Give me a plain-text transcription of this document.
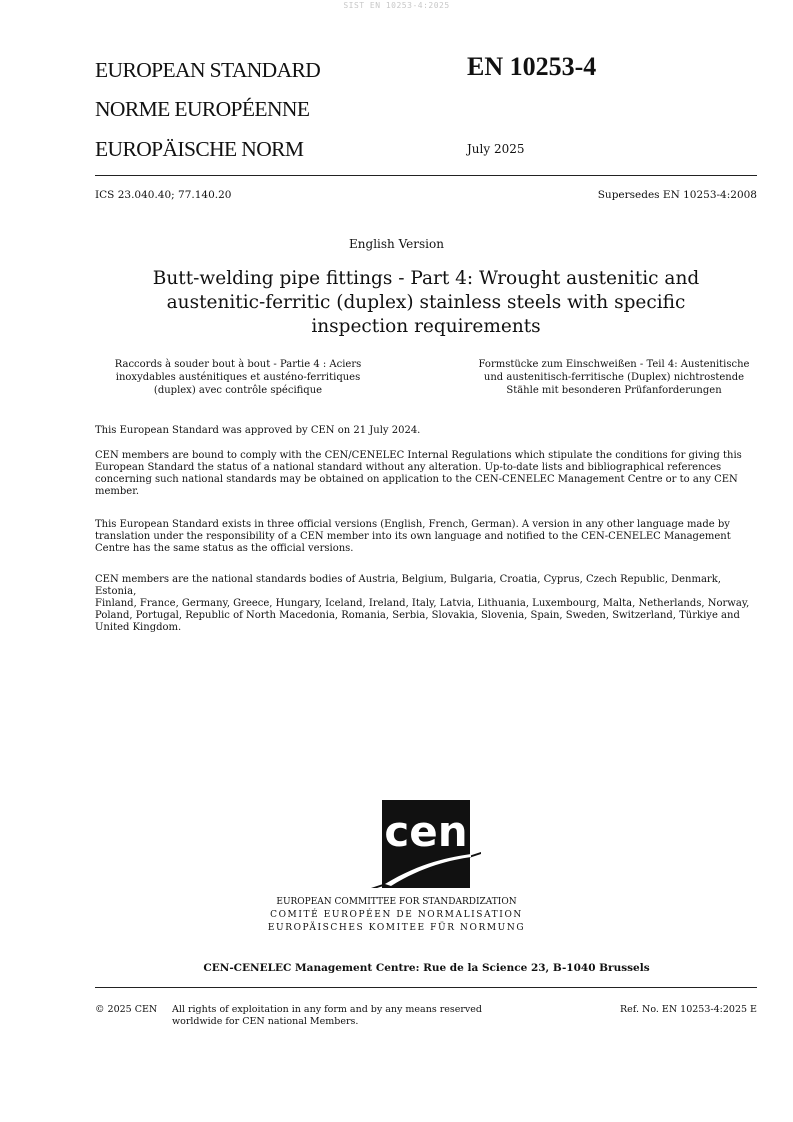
SIST EN 10253-4:2025
EUROPEAN STANDARD
NORME EUROPÉENNE
EUROPÄISCHE NORM
EN 10253-4
July 2025
ICS 23.040.40; 77.140.20	Supersedes EN 10253-4:2008
English Version
Butt-welding pipe fittings - Part 4: Wrought austenitic and
austenitic-ferritic (duplex) stainless steels with specific
inspection requirements
Raccords à souder bout à bout - Partie 4 : Aciers
inoxydables austénitiques et austéno-ferritiques
(duplex) avec contrôle spécifique
Formstücke zum Einschweißen - Teil 4: Austenitische
und austenitisch-ferritische (Duplex) nichtrostende
Stähle mit besonderen Prüfanforderungen

This European Standard was approved by CEN on 21 July 2024.

CEN members are bound to comply with the CEN/CENELEC Internal Regulations which stipulate the conditions for giving this

European Standard the status of a national standard without any alteration. Up-to-date lists and bibliographical references

concerning such national standards may be obtained on application to the CEN-CENELEC Management Centre or to any CEN

member.

This European Standard exists in three official versions (English, French, German). A version in any other language made by

translation under the responsibility of a CEN member into its own language and notified to the CEN-CENELEC Management

Centre has the same status as the official versions.

CEN members are the national standards bodies of Austria, Belgium, Bulgaria, Croatia, Cyprus, Czech Republic, Denmark, Estonia,

Finland, France, Germany, Greece, Hungary, Iceland, Ireland, Italy, Latvia, Lithuania, Luxembourg, Malta, Netherlands, Norway,

Poland, Portugal, Republic of North Macedonia, Romania, Serbia, Slovakia, Slovenia, Spain, Sweden, Switzerland, Türkiye and

United Kingdom.

cen
EUROPEAN COMMITTEE FOR STANDARDIZATION
COMITÉ EUROPÉEN DE NORMALISATION
EUROPÄISCHES KOMITEE FÜR NORMUNG
CEN-CENELEC Management Centre: Rue de la Science 23, B-1040 Brussels
© 2025 CEN All rights of exploitation in any form and by any means reserved
worldwide for CEN national Members.
Ref. No. EN 10253-4:2025 E
